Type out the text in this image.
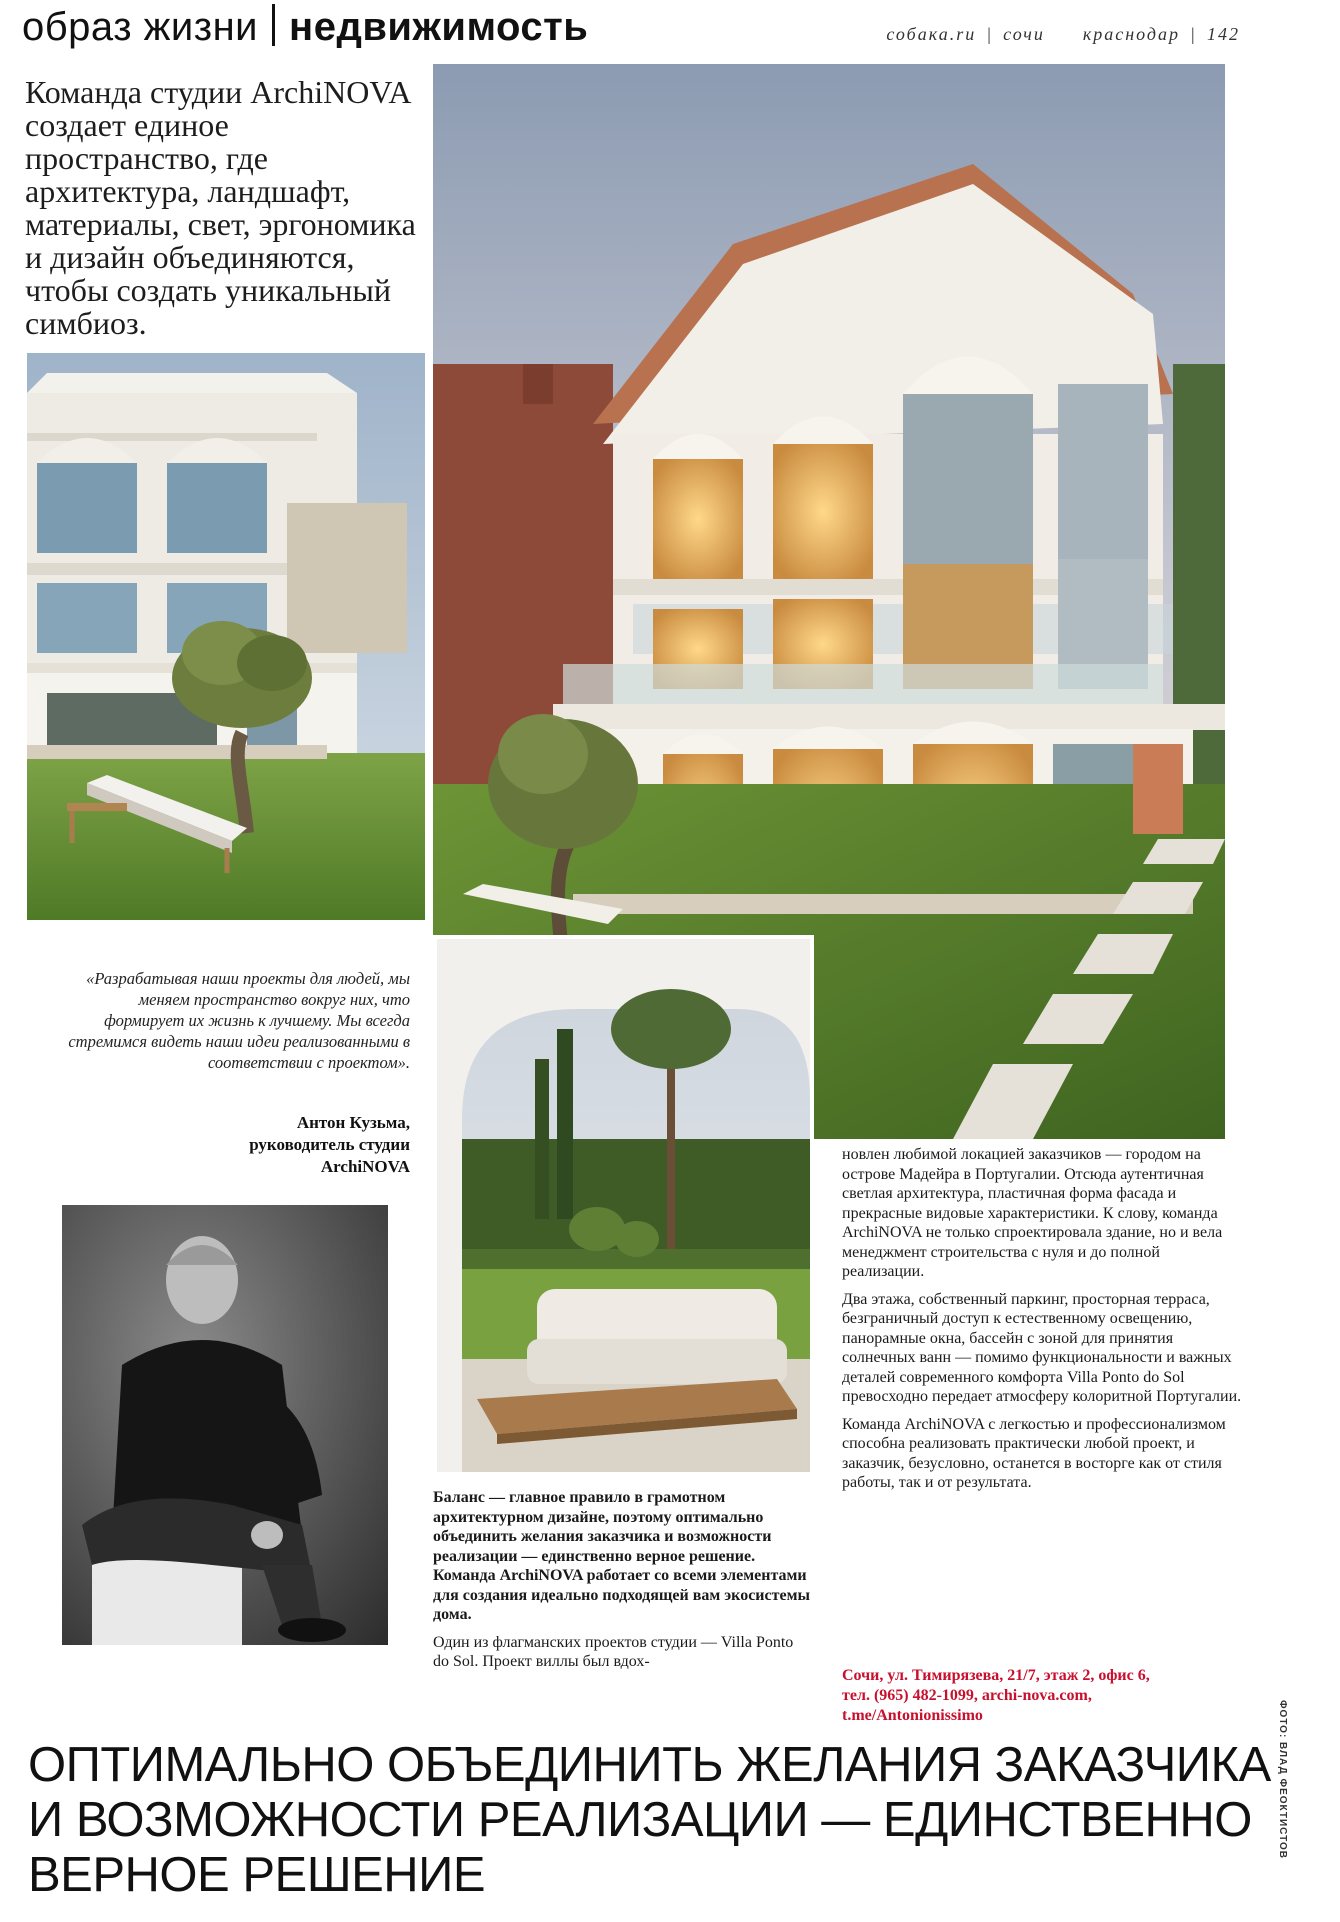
образ жизни недвижимость	собака.ru | сочи краснодар | 142
Команда студии ArchiNOVA создает единое пространство, где архитектура, ландшафт, материалы, свет, эргономика и дизайн объединяются, чтобы создать уникальный симбиоз.
«Разрабатывая наши проекты для людей, мы меняем пространство вокруг них, что формирует их жизнь к лучшему. Мы всегда стремимся видеть наши идеи реализованными в соответствии с проектом».
Антон Кузьма,
руководитель студии
ArchiNOVA

Баланс — главное правило в грамотном архитектурном дизайне, поэтому оптимально объединить желания заказчика и возможности реализации — единственно верное решение. Команда ArchiNOVA работает со всеми элементами для создания идеально подходящей вам экосистемы дома.

Один из флагманских проектов студии — Villa Ponto do Sol. Проект виллы был вдох-

новлен любимой локацией заказчиков — городом на острове Мадейра в Португалии. Отсюда аутентичная светлая архитектура, пластичная форма фасада и прекрасные видовые характеристики. К слову, команда ArchiNOVA не только спроектировала здание, но и вела менеджмент строительства с нуля и до полной реализации.

Два этажа, собственный паркинг, просторная терраса, безграничный доступ к естественному освещению, панорамные окна, бассейн с зоной для принятия солнечных ванн — помимо функциональности и важных деталей современного комфорта Villa Ponto do Sol превосходно передает атмосферу колоритной Португалии.

Команда ArchiNOVA с легкостью и профессионализмом способна реализовать практически любой проект, и заказчик, безусловно, останется в восторге как от стиля работы, так и от результата.

Сочи, ул. Тимирязева, 21/7, этаж 2, офис 6,
тел. (965) 482-1099, archi-nova.com,
t.me/Antonionissimo
ОПТИМАЛЬНО ОБЪЕДИНИТЬ ЖЕЛАНИЯ ЗАКАЗЧИКА И ВОЗМОЖНОСТИ РЕАЛИЗАЦИИ — ЕДИНСТВЕННО ВЕРНОЕ РЕШЕНИЕ
ФОТО: ВЛАД ФЕОКТИСТОВ
